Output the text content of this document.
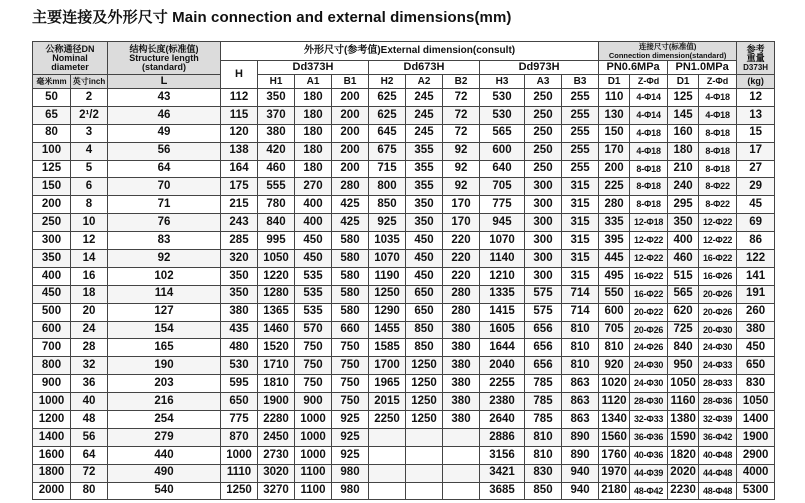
主要连接及外形尺寸 Main connection and external dimensions(mm)
公称通径DN
Nominal
diameter		结构长度(标准值)
Structure length
(standard)	外形尺寸(参考值)External dimension(consult)										连接尺寸(标准值)
Connection dimension(standard)				参考
重量
D373H

			H	Dd373H			Dd673H			Dd973H			PN0.6MPa		PN1.0MPa		
毫米mm	英寸inch	L		H1	A1	B1	H2	A2	B2	H3	A3	B3	D1	Z-Φd	D1	Z-Φd	(kg)
50	2	43	112	350	180	200	625	245	72	530	250	255	110	4-Φ14	125	4-Φ18	12
65	2¹/2	46	115	370	180	200	625	245	72	530	250	255	130	4-Φ14	145	4-Φ18	13
80	3	49	120	380	180	200	645	245	72	565	250	255	150	4-Φ18	160	8-Φ18	15
100	4	56	138	420	180	200	675	355	92	600	250	255	170	4-Φ18	180	8-Φ18	17
125	5	64	164	460	180	200	715	355	92	640	250	255	200	8-Φ18	210	8-Φ18	27
150	6	70	175	555	270	280	800	355	92	705	300	315	225	8-Φ18	240	8-Φ22	29
200	8	71	215	780	400	425	850	350	170	775	300	315	280	8-Φ18	295	8-Φ22	45
250	10	76	243	840	400	425	925	350	170	945	300	315	335	12-Φ18	350	12-Φ22	69
300	12	83	285	995	450	580	1035	450	220	1070	300	315	395	12-Φ22	400	12-Φ22	86
350	14	92	320	1050	450	580	1070	450	220	1140	300	315	445	12-Φ22	460	16-Φ22	122
400	16	102	350	1220	535	580	1190	450	220	1210	300	315	495	16-Φ22	515	16-Φ26	141
450	18	114	350	1280	535	580	1250	650	280	1335	575	714	550	16-Φ22	565	20-Φ26	191
500	20	127	380	1365	535	580	1290	650	280	1415	575	714	600	20-Φ22	620	20-Φ26	260
600	24	154	435	1460	570	660	1455	850	380	1605	656	810	705	20-Φ26	725	20-Φ30	380
700	28	165	480	1520	750	750	1585	850	380	1644	656	810	810	24-Φ26	840	24-Φ30	450
800	32	190	530	1710	750	750	1700	1250	380	2040	656	810	920	24-Φ30	950	24-Φ33	650
900	36	203	595	1810	750	750	1965	1250	380	2255	785	863	1020	24-Φ30	1050	28-Φ33	830
1000	40	216	650	1900	900	750	2015	1250	380	2380	785	863	1120	28-Φ30	1160	28-Φ36	1050
1200	48	254	775	2280	1000	925	2250	1250	380	2640	785	863	1340	32-Φ33	1380	32-Φ39	1400
1400	56	279	870	2450	1000	925				2886	810	890	1560	36-Φ36	1590	36-Φ42	1900
1600	64	440	1000	2730	1000	925				3156	810	890	1760	40-Φ36	1820	40-Φ48	2900
1800	72	490	1110	3020	1100	980				3421	830	940	1970	44-Φ39	2020	44-Φ48	4000
2000	80	540	1250	3270	1100	980				3685	850	940	2180	48-Φ42	2230	48-Φ48	5300
